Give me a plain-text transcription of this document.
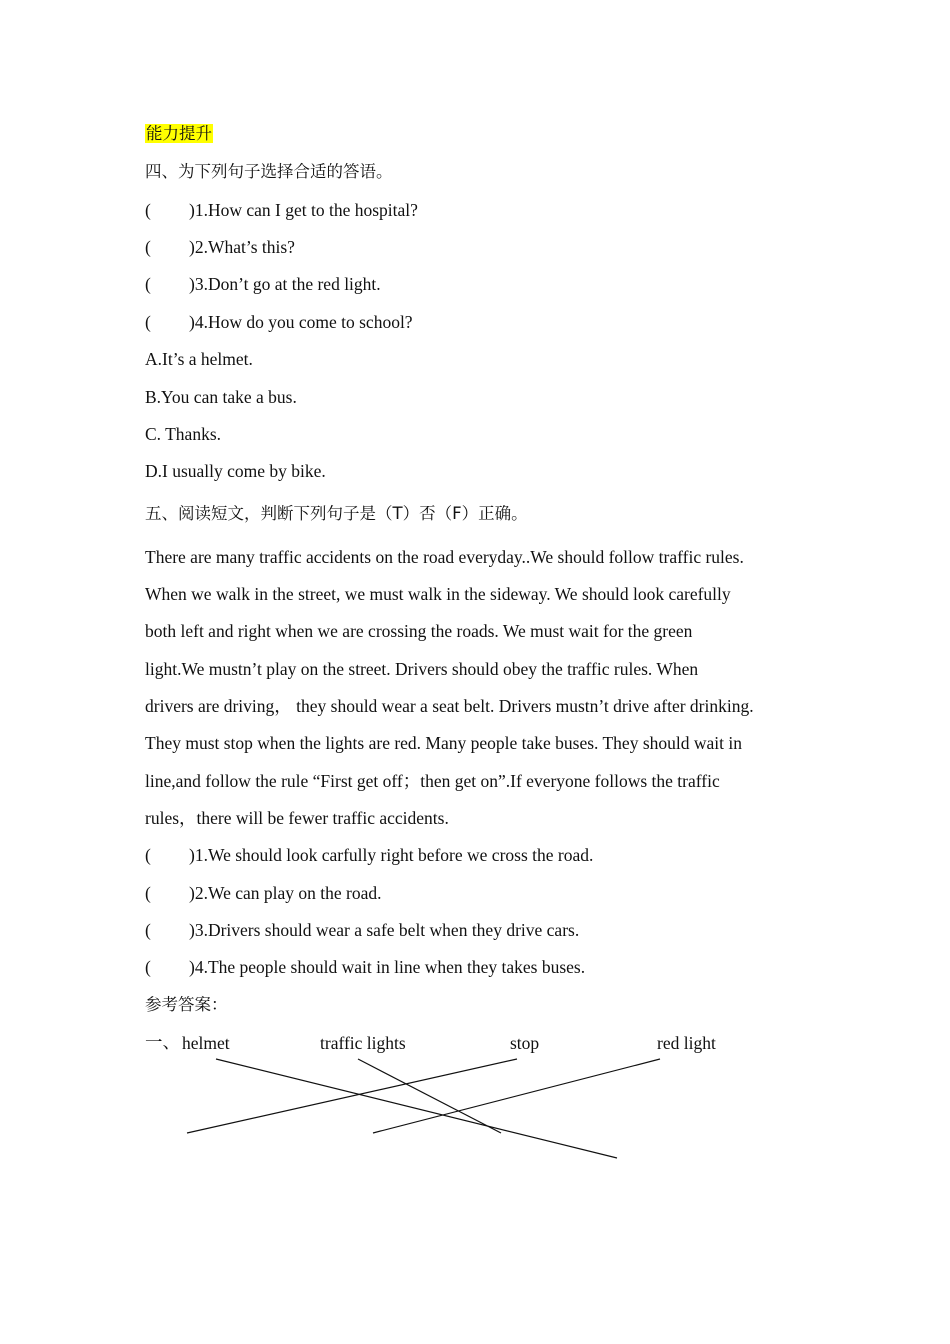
能力提升
四、为下列句子选择合适的答语。
( )1.How can I get to the hospital?
( )2.What’s this?
( )3.Don’t go at the red light.
( )4.How do you come to school?
A.It’s a helmet.
B.You can take a bus.
C. Thanks.
D.I usually come by bike.
五、阅读短文，判断下列句子是（T）否（F）正确。
There are many traffic accidents on the road everyday..We should follow traffic rules.
When we walk in the street, we must walk in the sideway. We should look carefully
both left and right when we are crossing the roads. We must wait for the green
light.We mustn’t play on the street. Drivers should obey the traffic rules. When
drivers are driving， they should wear a seat belt. Drivers mustn’t drive after drinking.
They must stop when the lights are red. Many people take buses. They should wait in
line,and follow the rule “First get off；then get on”.If everyone follows the traffic
rules，there will be fewer traffic accidents.
( )1.We should look carfully right before we cross the road.
( )2.We can play on the road.
( )3.Drivers should wear a safe belt when they drive cars.
( )4.The people should wait in line when they takes buses.
参考答案：
一、 helmet	traffic lights	stop	red light
